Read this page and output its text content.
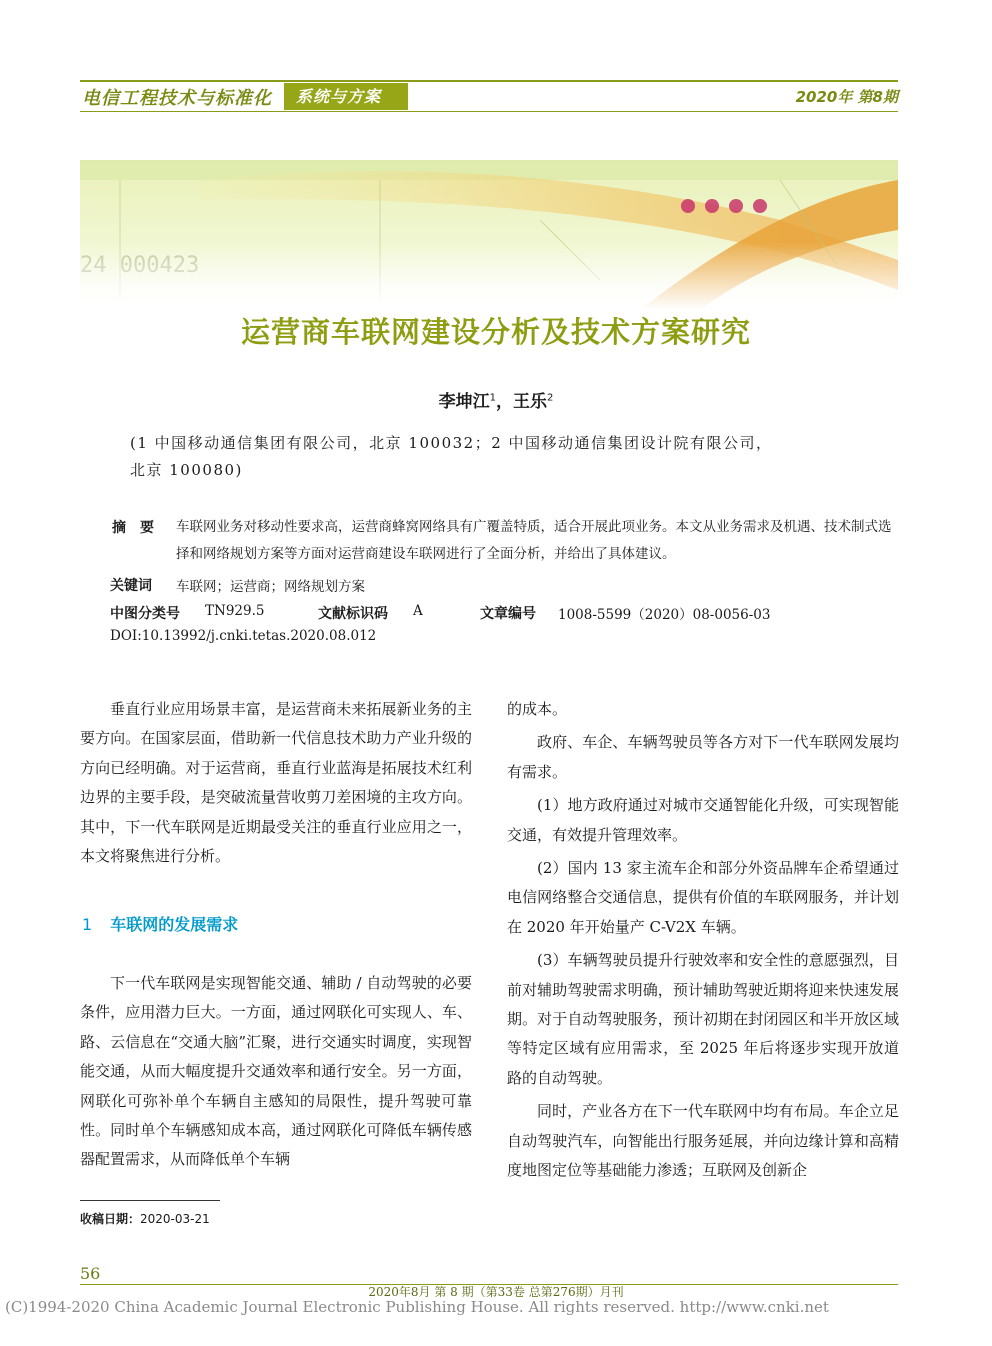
电信工程技术与标准化	系统与方案	2020年 第8期
运营商车联网建设分析及技术方案研究
李坤江$^1$，王乐$^2$
(1 中国移动通信集团有限公司，北京 100032；2 中国移动通信集团设计院有限公司，
北京 100080)
摘　要 车联网业务对移动性要求高，运营商蜂窝网络具有广覆盖特质，适合开展此项业务。本文从业务需求及机遇、技术制式选择和网络规划方案等方面对运营商建设车联网进行了全面分析，并给出了具体建议。
关键词 车联网；运营商；网络规划方案
中图分类号 TN929.5	文献标识码 A	文章编号 1008-5599（2020）08-0056-03
DOI:10.13992/j.cnki.tetas.2020.08.012

垂直行业应用场景丰富，是运营商未来拓展新业务的主要方向。在国家层面，借助新一代信息技术助力产业升级的方向已经明确。对于运营商，垂直行业蓝海是拓展技术红利边界的主要手段，是突破流量营收剪刀差困境的主攻方向。其中，下一代车联网是近期最受关注的垂直行业应用之一，本文将聚焦进行分析。

1 车联网的发展需求

下一代车联网是实现智能交通、辅助 / 自动驾驶的必要条件，应用潜力巨大。一方面，通过网联化可实现人、车、路、云信息在“交通大脑”汇聚，进行交通实时调度，实现智能交通，从而大幅度提升交通效率和通行安全。另一方面，网联化可弥补单个车辆自主感知的局限性，提升驾驶可靠性。同时单个车辆感知成本高，通过网联化可降低车辆传感器配置需求，从而降低单个车辆

的成本。

政府、车企、车辆驾驶员等各方对下一代车联网发展均有需求。

(1）地方政府通过对城市交通智能化升级，可实现智能交通，有效提升管理效率。

(2）国内 13 家主流车企和部分外资品牌车企希望通过电信网络整合交通信息，提供有价值的车联网服务，并计划在 2020 年开始量产 C-V2X 车辆。

(3）车辆驾驶员提升行驶效率和安全性的意愿强烈，目前对辅助驾驶需求明确，预计辅助驾驶近期将迎来快速发展期。对于自动驾驶服务，预计初期在封闭园区和半开放区域等特定区域有应用需求，至 2025 年后将逐步实现开放道路的自动驾驶。

同时，产业各方在下一代车联网中均有布局。车企立足自动驾驶汽车，向智能出行服务延展，并向边缘计算和高精度地图定位等基础能力渗透；互联网及创新企

收稿日期：2020-03-21
56
2020年8月 第 8 期（第33卷 总第276期）月刊
(C)1994-2020 China Academic Journal Electronic Publishing House. All rights reserved. http://www.cnki.net
